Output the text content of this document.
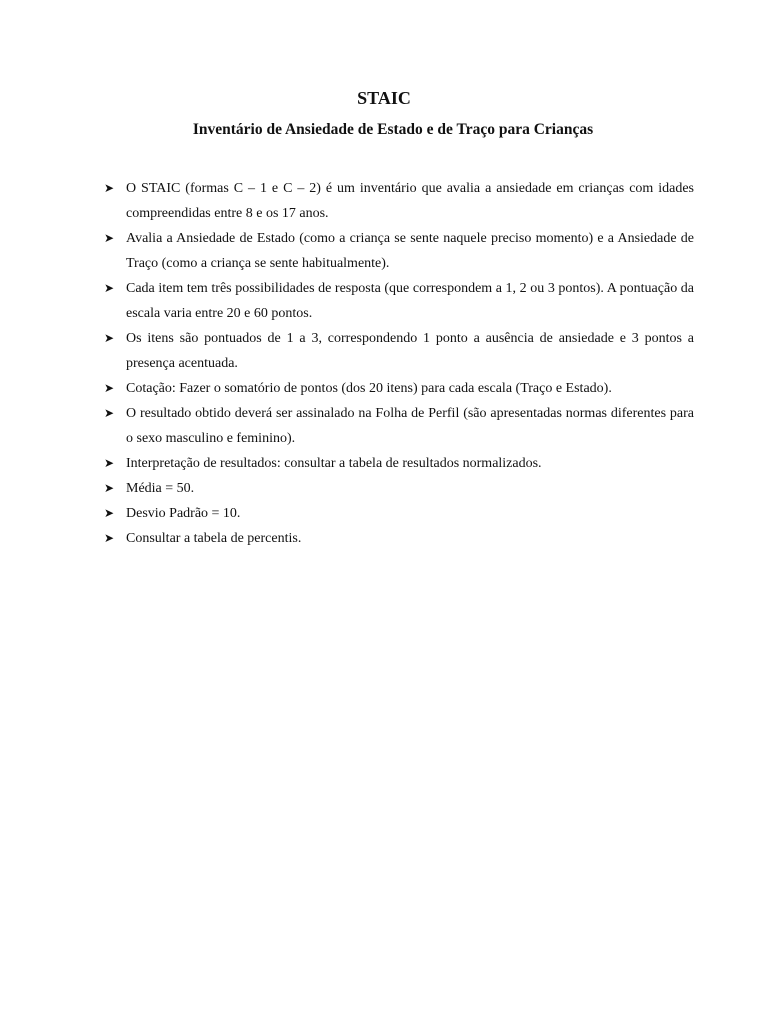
STAIC
Inventário de Ansiedade de Estado e de Traço para Crianças
➤ O STAIC (formas C – 1 e C – 2) é um inventário que avalia a ansiedade em crianças com idades compreendidas entre 8 e os 17 anos.
➤ Avalia a Ansiedade de Estado (como a criança se sente naquele preciso momento) e a Ansiedade de Traço (como a criança se sente habitualmente).
➤ Cada item tem três possibilidades de resposta (que correspondem a 1, 2 ou 3 pontos). A pontuação da escala varia entre 20 e 60 pontos.
➤ Os itens são pontuados de 1 a 3, correspondendo 1 ponto a ausência de ansiedade e 3 pontos a presença acentuada.
➤ Cotação: Fazer o somatório de pontos (dos 20 itens) para cada escala (Traço e Estado).
➤ O resultado obtido deverá ser assinalado na Folha de Perfil (são apresentadas normas diferentes para o sexo masculino e feminino).
➤ Interpretação de resultados: consultar a tabela de resultados normalizados.
➤ Média = 50.
➤ Desvio Padrão = 10.
➤ Consultar a tabela de percentis.
